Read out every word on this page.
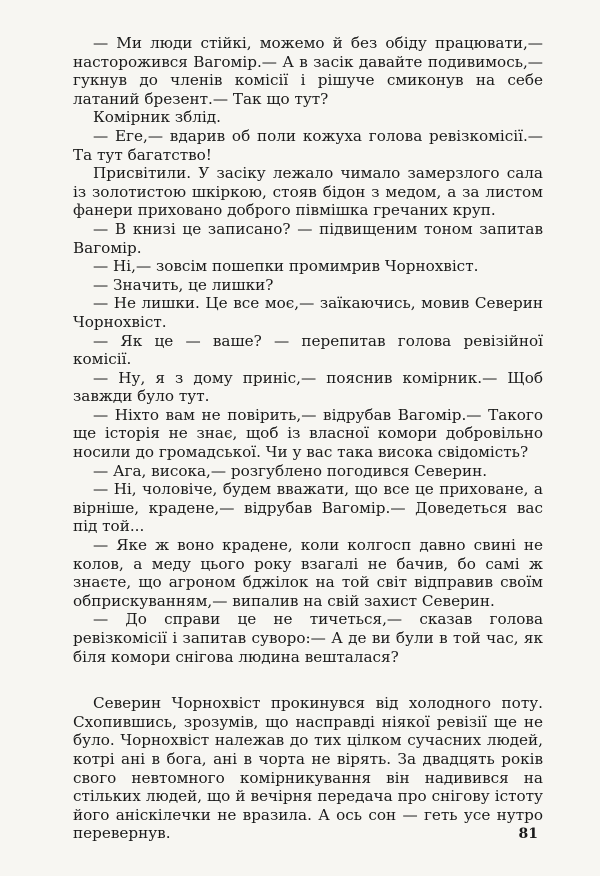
— Ми люди стійкі, можемо й без обіду працювати,— насторожився Вагомір.— А в засік давайте подивимось,— гукнув до членів комісії і рішуче смиконув на себе латаний брезент.— Так що тут?

Комірник зблід.

— Еге,— вдарив об поли кожуха голова ревізкомісії.— Та тут багатство!

Присвітили. У засіку лежало чимало замерзлого сала із золотистою шкіркою, стояв бідон з медом, а за листом фанери приховано доброго півмішка гречаних круп.

— В книзі це записано? — підвищеним тоном запитав Вагомір.

— Ні,— зовсім пошепки промимрив Чорнохвіст.

— Значить, це лишки?

— Не лишки. Це все моє,— заїкаючись, мовив Северин Чорнохвіст.

— Як це — ваше? — перепитав голова ревізійної комісії.

— Ну, я з дому приніс,— пояснив комірник.— Щоб завжди було тут.

— Ніхто вам не повірить,— відрубав Вагомір.— Такого ще історія не знає, щоб із власної комори добровільно носили до громадської. Чи у вас така висока свідомість?

— Ага, висока,— розгублено погодився Северин.

— Ні, чоловіче, будем вважати, що все це приховане, а вірніше, крадене,— відрубав Вагомір.— Доведеться вас під той...

— Яке ж воно крадене, коли колгосп давно свині не колов, а меду цього року взагалі не бачив, бо самі ж знаєте, що агроном бджілок на той світ відправив своїм обприскуванням,— випалив на свій захист Северин.

— До справи це не тичеться,— сказав голова ревізкомісії і запитав суворо:— А де ви були в той час, як біля комори снігова людина вешталася?

Северин Чорнохвіст прокинувся від холодного поту. Схопившись, зрозумів, що насправді ніякої ревізії ще не було. Чорнохвіст належав до тих цілком сучасних людей, котрі ані в бога, ані в чорта не вірять. За двадцять років свого невтомного комірникування він надивився на стільких людей, що й вечірня передача про снігову істоту його аніскілечки не вразила. А ось сон — геть усе нутро перевернув.	81
